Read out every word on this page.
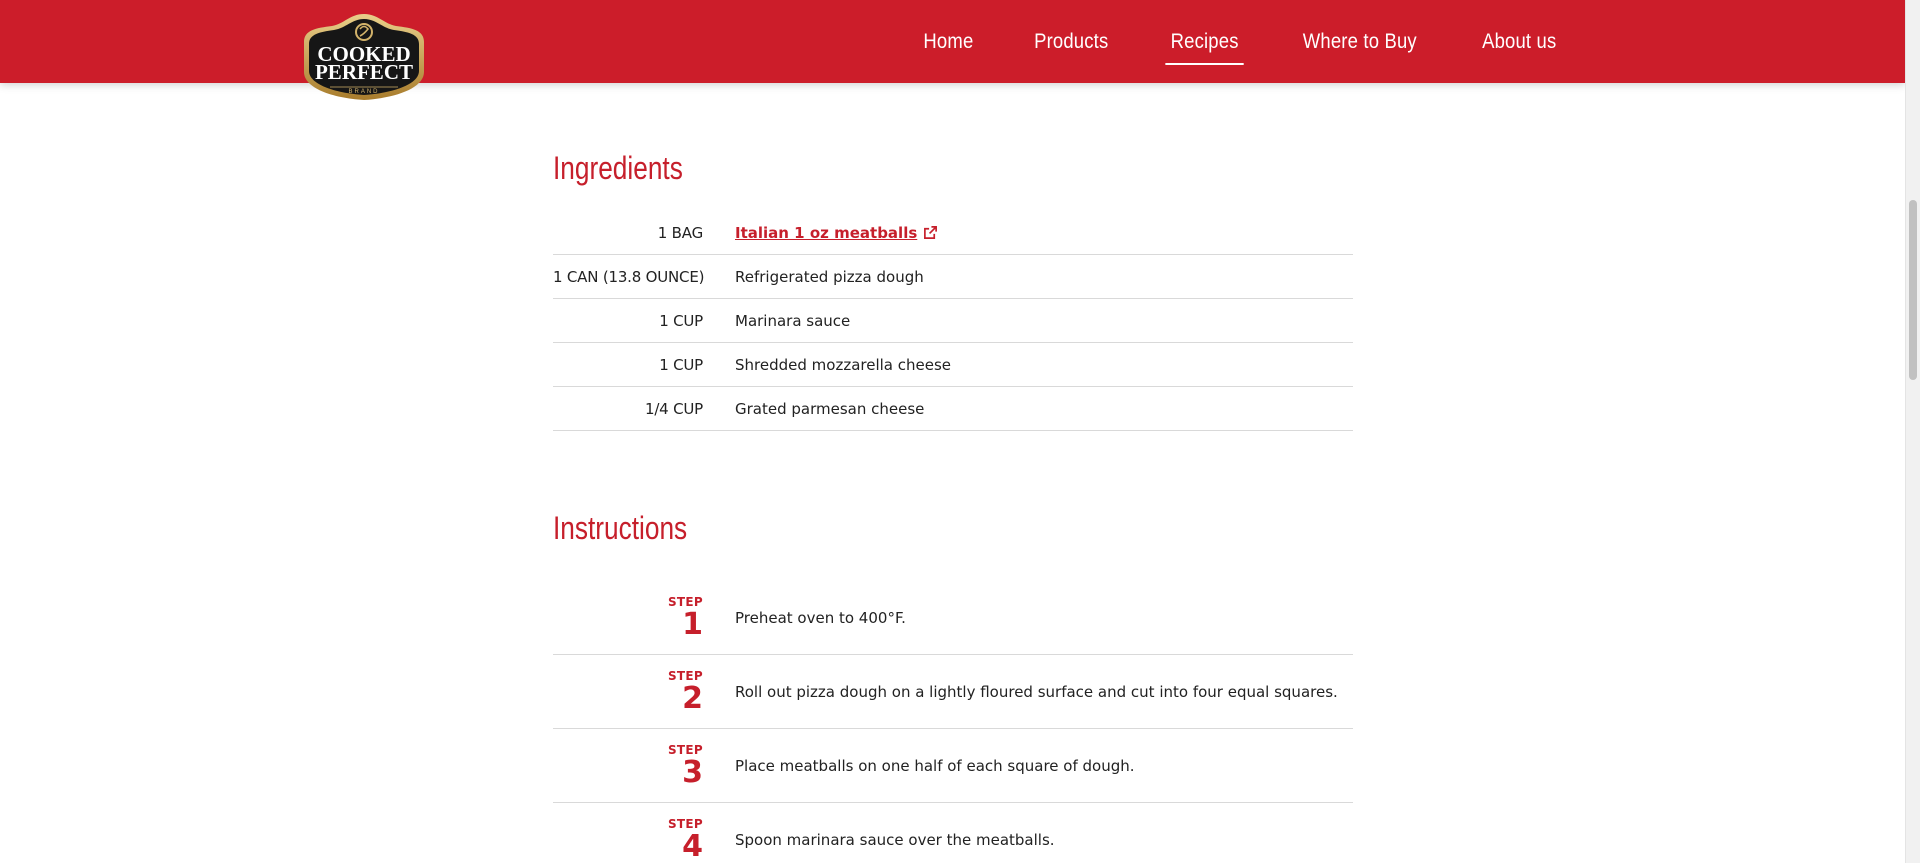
Home	Products	Recipes	Where to Buy	About us
COOKED
PERFECT
BRAND
Ingredients
1 BAG Italian 1 oz meatballs
1 CAN (13.8 OUNCE)	Refrigerated pizza dough
1 CUP	Marinara sauce
1 CUP	Shredded mozzarella cheese
1/4 CUP	Grated parmesan cheese
Instructions
STEP
1	Preheat oven to 400°F.
STEP
2	Roll out pizza dough on a lightly floured surface and cut into four equal squares.
STEP
3	Place meatballs on one half of each square of dough.
STEP
4	Spoon marinara sauce over the meatballs.
